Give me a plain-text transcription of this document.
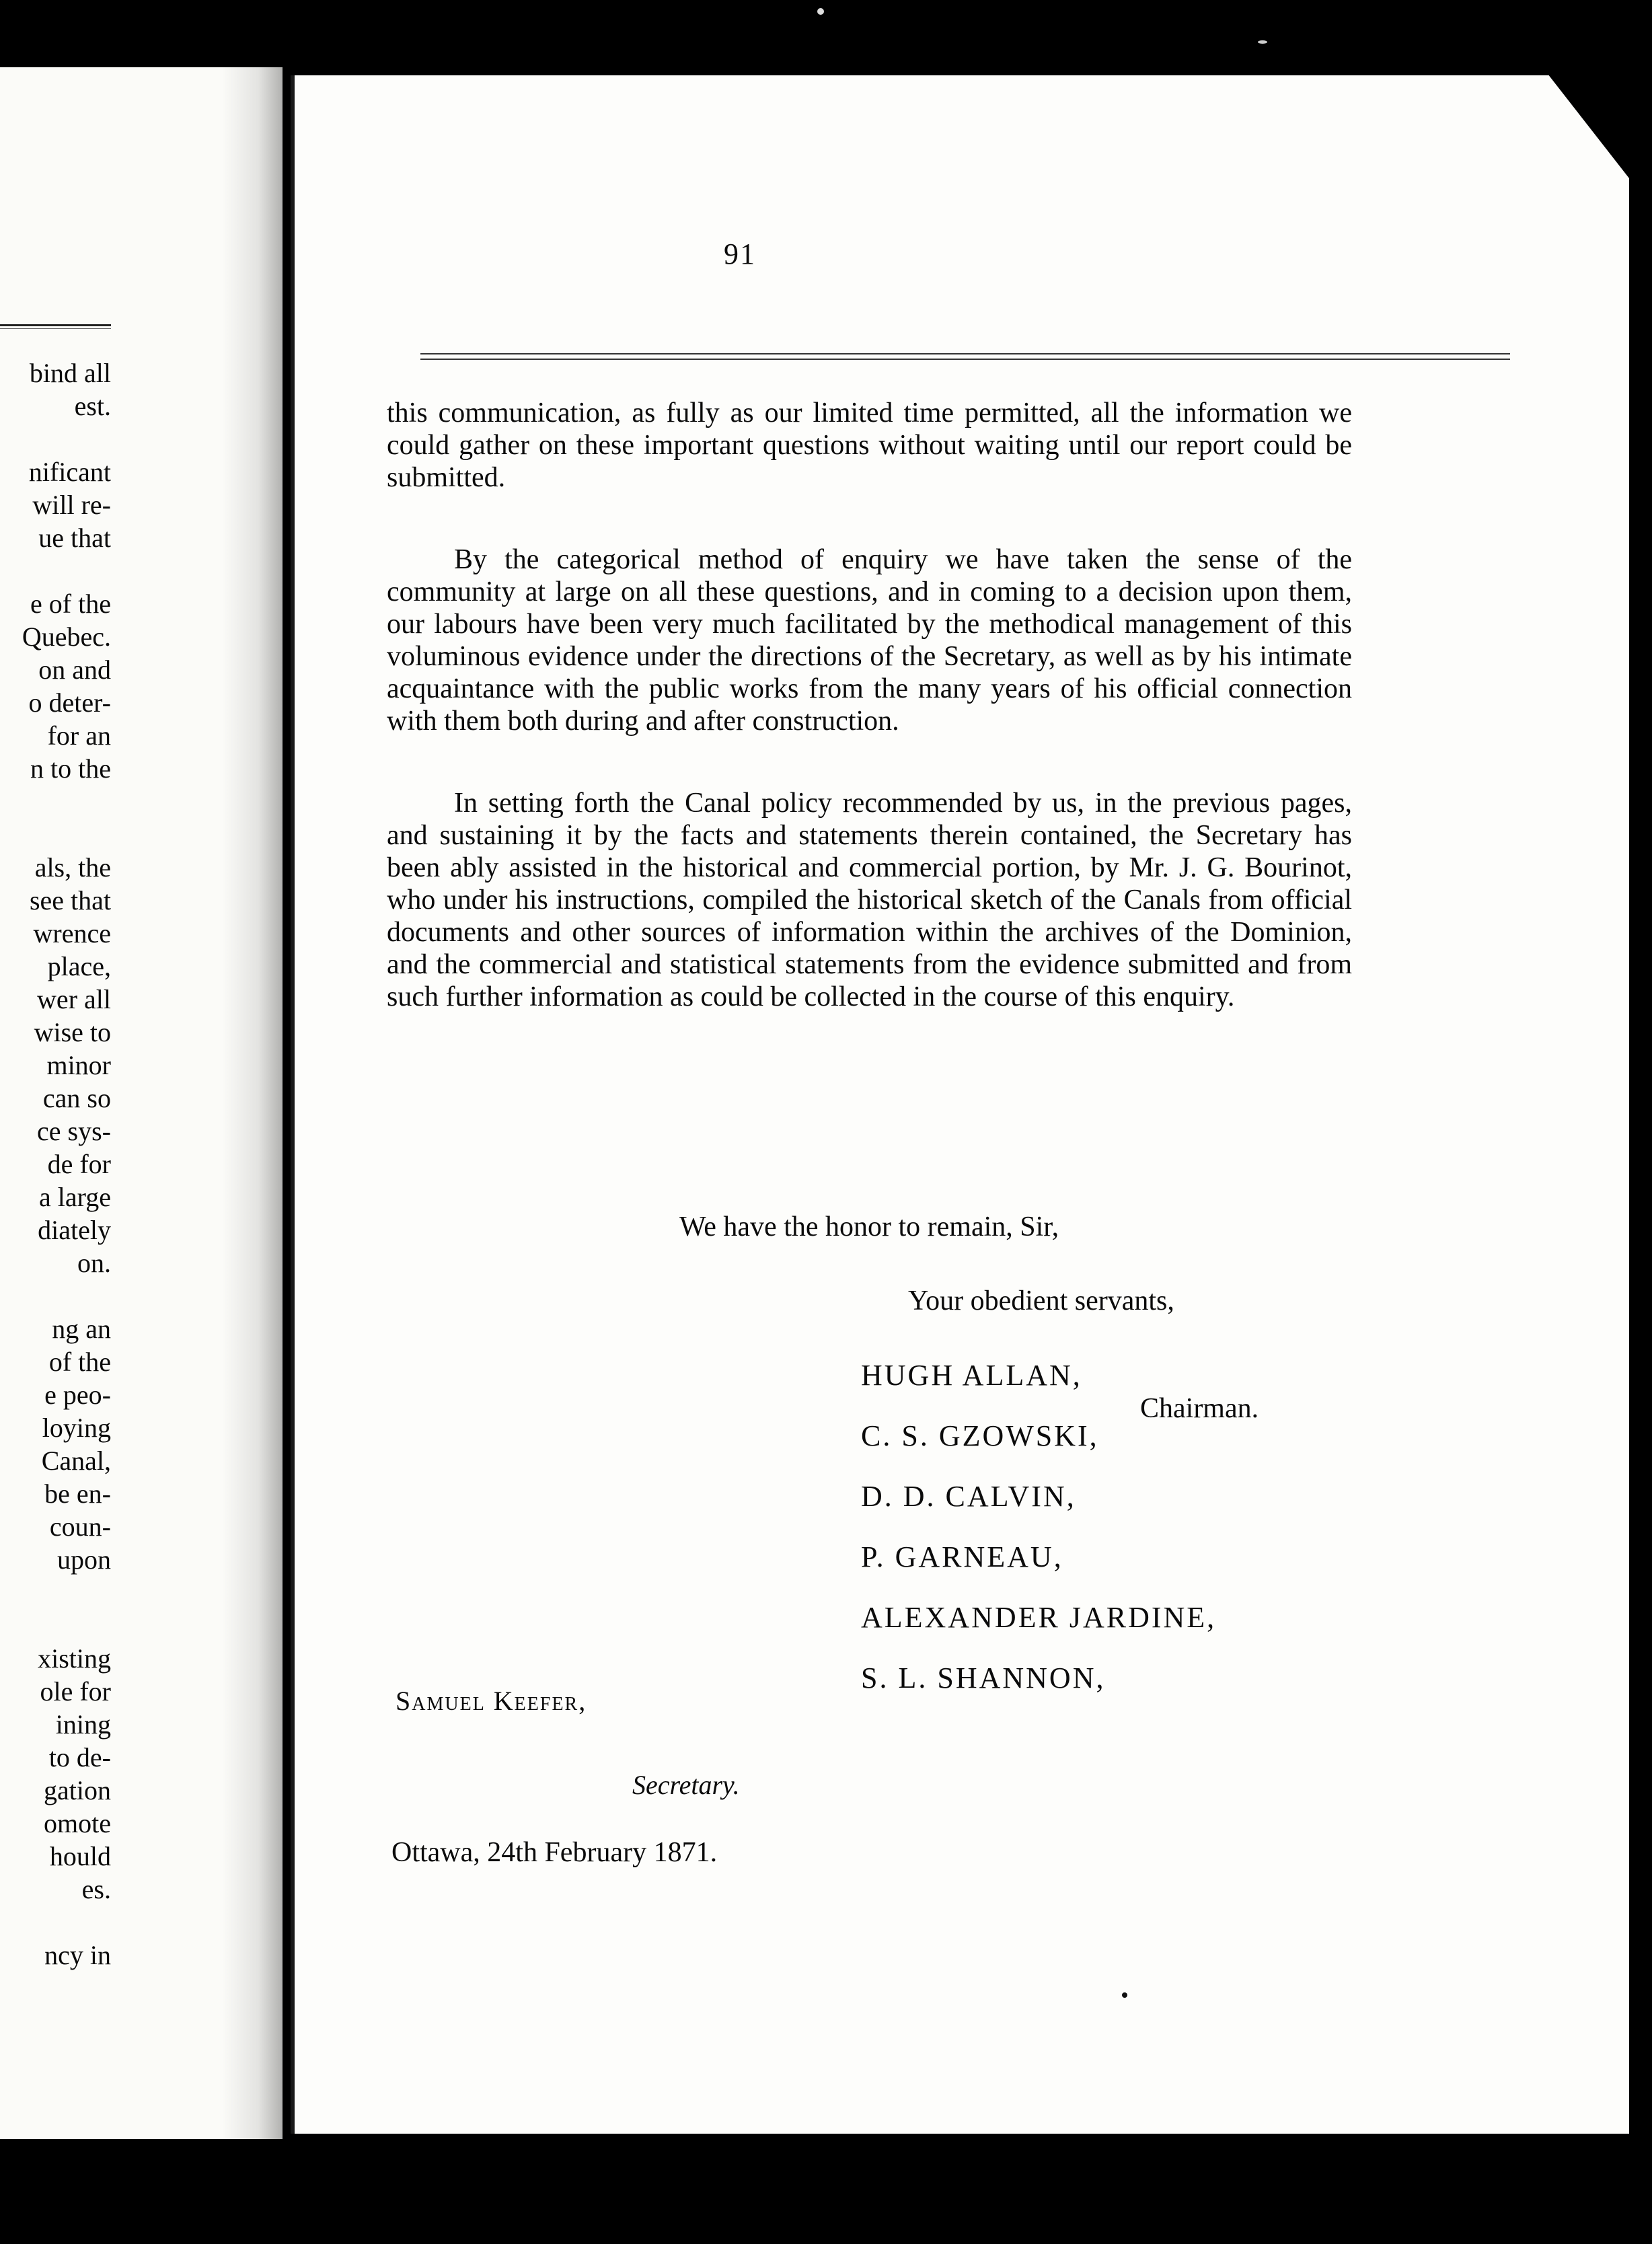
bind all
est.
nificant
will re-
ue that
e of the
Quebec.
on and
o deter-
for an
n to the
als, the
see that
wrence
place,
wer all
wise to
minor
can so
ce sys-
de for
a large
diately
on.
ng an
of the
e peo-
loying
Canal,
be en-
coun-
upon
xisting
ole for
ining
to de-
gation
omote
hould
es.
ncy in

91

this communication, as fully as our limited time permitted, all the information we could gather on these important questions without waiting until our report could be submitted.

By the categorical method of enquiry we have taken the sense of the community at large on all these questions, and in coming to a decision upon them, our labours have been very much facilitated by the methodical management of this voluminous evidence under the directions of the Secretary, as well as by his intimate acquaintance with the public works from the many years of his official connection with them both during and after construction.

In setting forth the Canal policy recommended by us, in the previous pages, and sustaining it by the facts and statements therein contained, the Secretary has been ably assisted in the historical and commercial portion, by Mr. J. G. Bourinot, who under his instructions, compiled the historical sketch of the Canals from official documents and other sources of information within the archives of the Dominion, and the commercial and statistical statements from the evidence submitted and from such further information as could be collected in the course of this enquiry.

We have the honor to remain, Sir,

Your obedient servants,

HUGH ALLAN,
C. S. GZOWSKI,
D. D. CALVIN,
P. GARNEAU,
ALEXANDER JARDINE,
S. L. SHANNON,

Chairman.

Samuel Keefer,

Secretary.

Ottawa, 24th February 1871.
